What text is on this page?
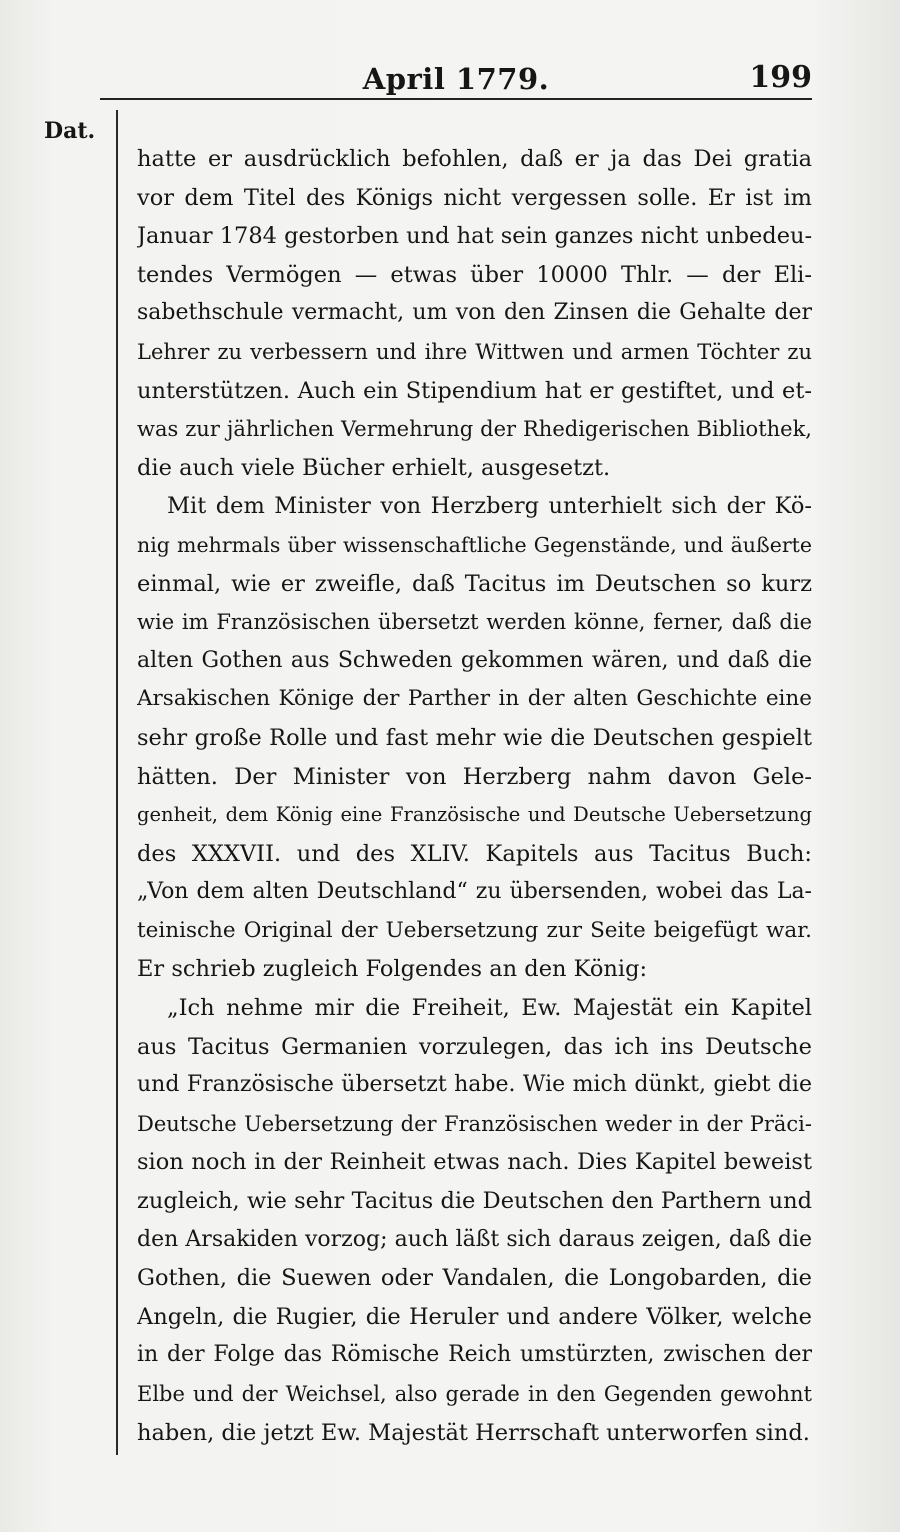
April 1779.	199
Dat.
hatte er ausdrücklich befohlen, daß er ja das Dei gratia
vor dem Titel des Königs nicht vergessen solle. Er ist im
Januar 1784 gestorben und hat sein ganzes nicht unbedeu-
tendes Vermögen — etwas über 10000 Thlr. — der Eli-
sabethschule vermacht, um von den Zinsen die Gehalte der
Lehrer zu verbessern und ihre Wittwen und armen Töchter zu
unterstützen. Auch ein Stipendium hat er gestiftet, und et-
was zur jährlichen Vermehrung der Rhedigerischen Bibliothek,
die auch viele Bücher erhielt, ausgesetzt.
Mit dem Minister von Herzberg unterhielt sich der Kö-
nig mehrmals über wissenschaftliche Gegenstände, und äußerte
einmal, wie er zweifle, daß Tacitus im Deutschen so kurz
wie im Französischen übersetzt werden könne, ferner, daß die
alten Gothen aus Schweden gekommen wären, und daß die
Arsakischen Könige der Parther in der alten Geschichte eine
sehr große Rolle und fast mehr wie die Deutschen gespielt
hätten. Der Minister von Herzberg nahm davon Gele-
genheit, dem König eine Französische und Deutsche Uebersetzung
des XXXVII. und des XLIV. Kapitels aus Tacitus Buch:
„Von dem alten Deutschland“ zu übersenden, wobei das La-
teinische Original der Uebersetzung zur Seite beigefügt war.
Er schrieb zugleich Folgendes an den König:
„Ich nehme mir die Freiheit, Ew. Majestät ein Kapitel
aus Tacitus Germanien vorzulegen, das ich ins Deutsche
und Französische übersetzt habe. Wie mich dünkt, giebt die
Deutsche Uebersetzung der Französischen weder in der Präci-
sion noch in der Reinheit etwas nach. Dies Kapitel beweist
zugleich, wie sehr Tacitus die Deutschen den Parthern und
den Arsakiden vorzog; auch läßt sich daraus zeigen, daß die
Gothen, die Suewen oder Vandalen, die Longobarden, die
Angeln, die Rugier, die Heruler und andere Völker, welche
in der Folge das Römische Reich umstürzten, zwischen der
Elbe und der Weichsel, also gerade in den Gegenden gewohnt
haben, die jetzt Ew. Majestät Herrschaft unterworfen sind.
